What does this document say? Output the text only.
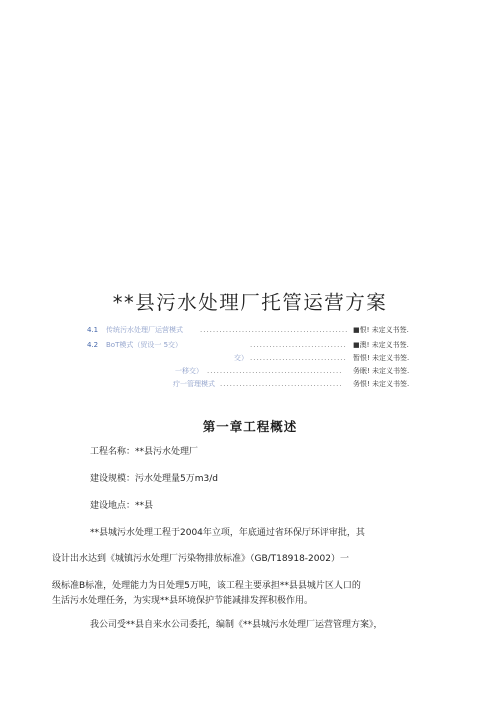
**县污水处理厂托管运营方案
4.1 传统污水处理厂运营模式 .............................................. ■恨! 未定义书签.
4.2 BoT模式（贸设一 5交）	.............................. ■澳! 未定义书签.
交） .............................. 暂恨! 未定义书签.
一移交） ..........................................	务眠! 未定义书签.
疔一管理模式 ......................................	务恨! 未定义书签.
第一章工程概述
工程名称：**县污水处理厂
建设规模：污水处理量5万m3/d
建设地点：**县
**县城污水处理工程于2004年立项，年底通过省环保厅环评审批，其
设计出水达到《城镇污水处理厂污染物排放标准》（GB/T18918-2002）一
级标准B标准，处理能力为日处理5万吨，该工程主要承担**县县城片区人口的
生活污水处理任务，为实现**县环境保护节能减排发挥积极作用。
我公司受**县自来水公司委托，编制《**县城污水处理厂运营管理方案》，
